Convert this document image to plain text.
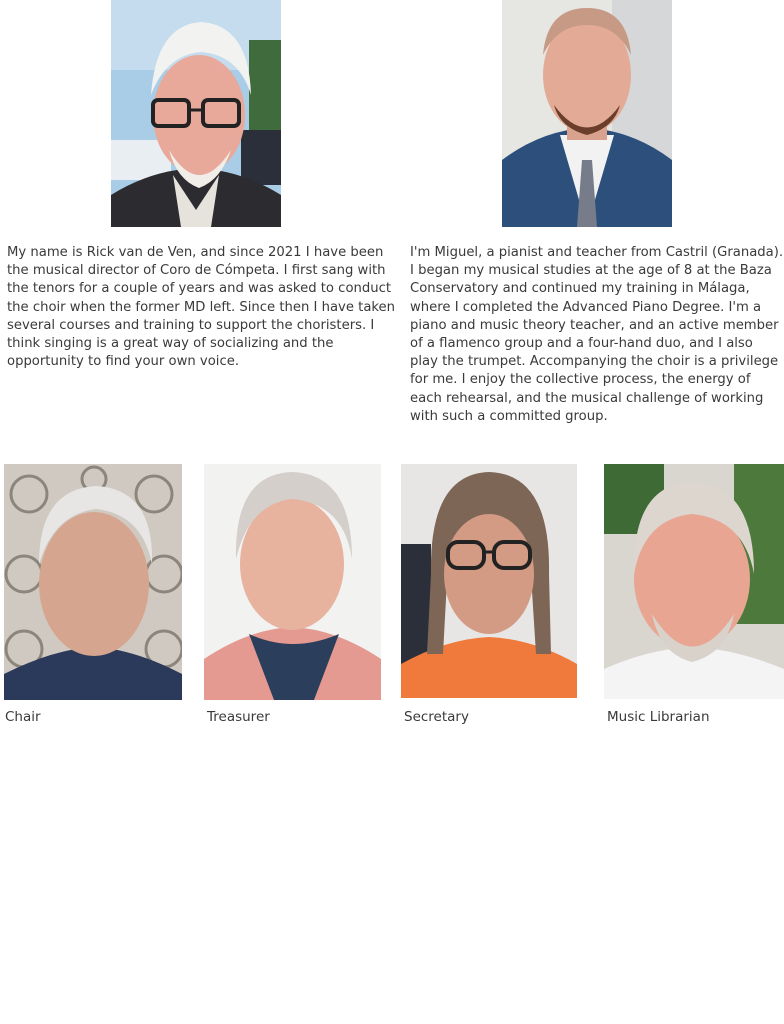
My name is Rick van de Ven, and since 2021 I have been the musical director of Coro de Cómpeta. I first sang with the tenors for a couple of years and was asked to conduct the choir when the former MD left. Since then I have taken several courses and training to support the choristers. I think singing is a great way of socializing and the opportunity to find your own voice.

I'm Miguel, a pianist and teacher from Castril (Granada). I began my musical studies at the age of 8 at the Baza Conservatory and continued my training in Málaga, where I completed the Advanced Piano Degree. I'm a piano and music theory teacher, and an active member of a flamenco group and a four-hand duo, and I also play the trumpet. Accompanying the choir is a privilege for me. I enjoy the collective process, the energy of each rehearsal, and the musical challenge of working with such a committed group.

Chair	Treasurer	Secretary	Music Librarian
